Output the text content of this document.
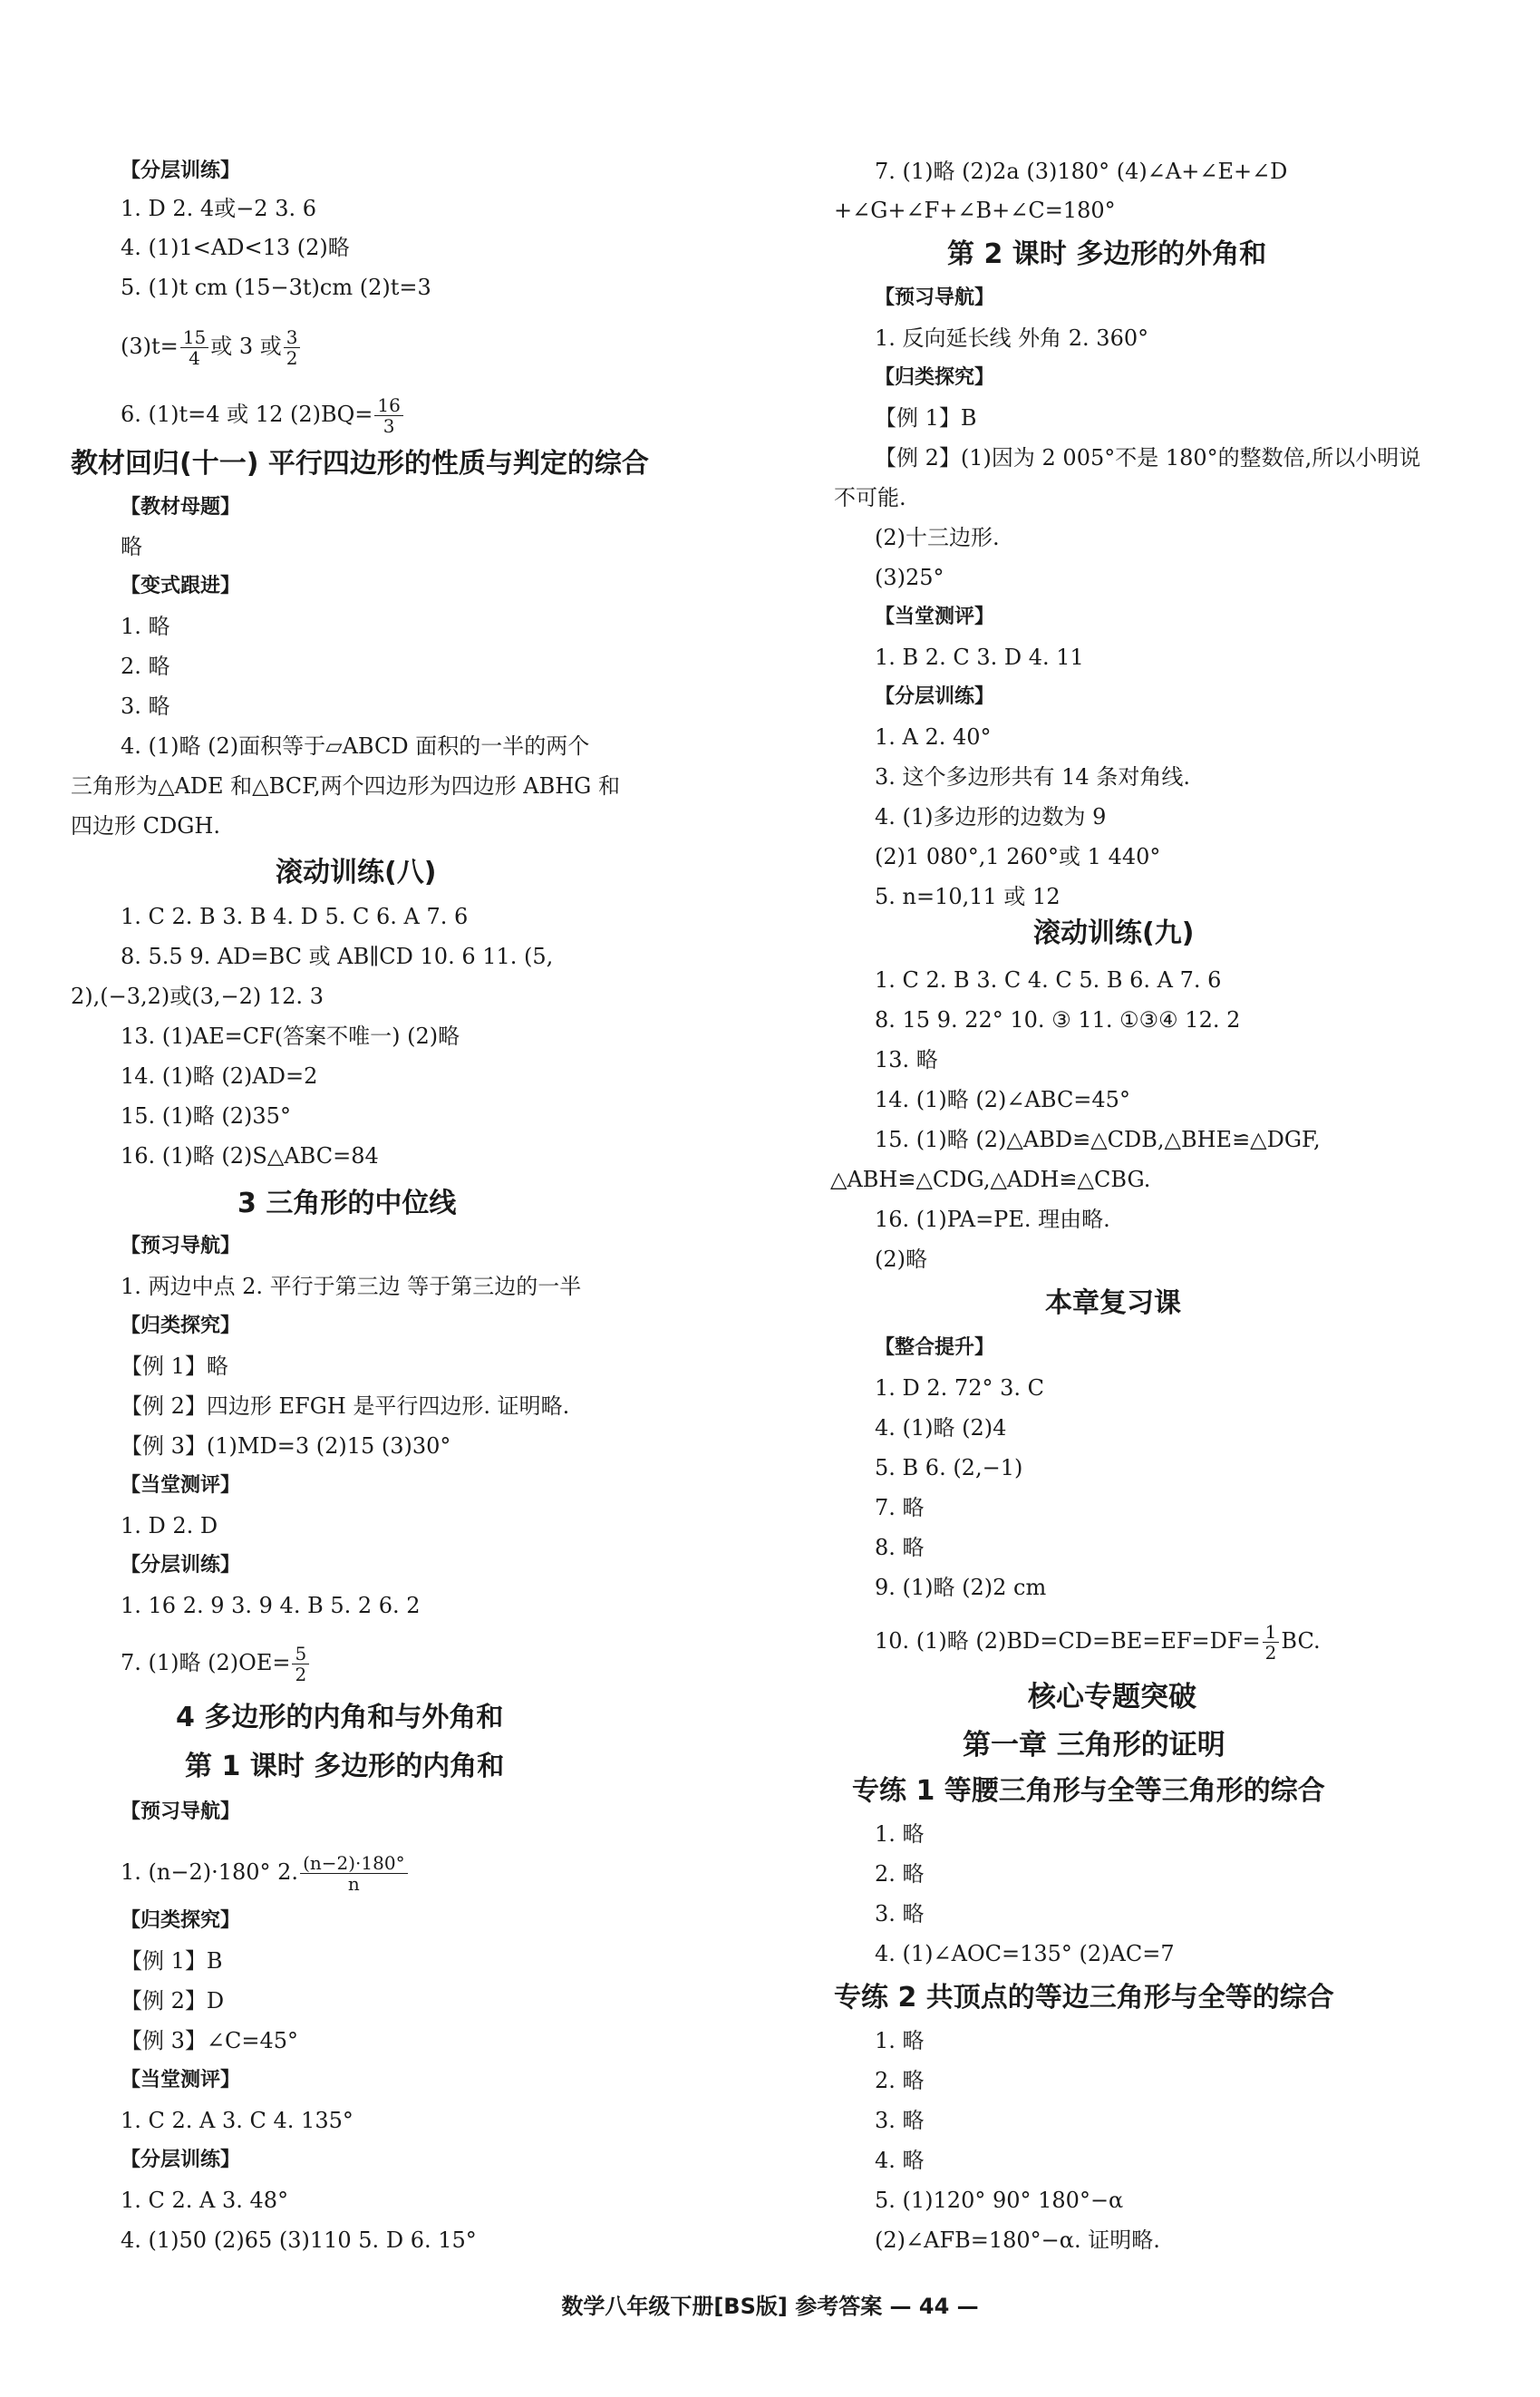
【分层训练】
1. D 2. 4或−2 3. 6
4. (1)1<AD<13 (2)略
5. (1)t cm (15−3t)cm (2)t=3
$(3)t= \frac{15}{4}$ 或 3 或 $\frac{3}{2}$
6. (1)t=4 或 12 $(2)BQ= \frac{16}{3}$
教材回归(十一) 平行四边形的性质与判定的综合
【教材母题】
略
【变式跟进】
1. 略
2. 略
3. 略
4. (1)略 (2)面积等于▱ABCD 面积的一半的两个
三角形为△ADE 和△BCF,两个四边形为四边形 ABHG 和
四边形 CDGH.
滚动训练(八)
1. C 2. B 3. B 4. D 5. C 6. A 7. 6
8. 5.5 9. AD=BC 或 AB∥CD 10. 6 11. (5,
2),(−3,2)或(3,−2) 12. 3
13. (1)AE=CF(答案不唯一) (2)略
14. (1)略 (2)AD=2
15. (1)略 (2)35°
16. (1)略 (2)S△ABC=84
3 三角形的中位线
【预习导航】
1. 两边中点 2. 平行于第三边 等于第三边的一半
【归类探究】
【例 1】略
【例 2】四边形 EFGH 是平行四边形. 证明略.
【例 3】(1)MD=3 (2)15 (3)30°
【当堂测评】
1. D 2. D
【分层训练】
1. 16 2. 9 3. 9 4. B 5. 2 6. 2
7. (1)略 $(2)OE= \frac{5}{2}$
4 多边形的内角和与外角和
第 1 课时 多边形的内角和
【预习导航】
1. (n−2)·180° 2. $\frac{(n-2)\cdot 180^\circ}{n}$
【归类探究】
【例 1】B
【例 2】D
【例 3】∠C=45°
【当堂测评】
1. C 2. A 3. C 4. 135°
【分层训练】
1. C 2. A 3. 48°
4. (1)50 (2)65 (3)110 5. D 6. 15°
7. (1)略 (2)2a (3)180° (4)∠A+∠E+∠D
+∠G+∠F+∠B+∠C=180°
第 2 课时 多边形的外角和
【预习导航】
1. 反向延长线 外角 2. 360°
【归类探究】
【例 1】B
【例 2】(1)因为 2 005°不是 180°的整数倍,所以小明说
不可能.
(2)十三边形.
(3)25°
【当堂测评】
1. B 2. C 3. D 4. 11
【分层训练】
1. A 2. 40°
3. 这个多边形共有 14 条对角线.
4. (1)多边形的边数为 9
(2)1 080°,1 260°或 1 440°
5. n=10,11 或 12
滚动训练(九)
1. C 2. B 3. C 4. C 5. B 6. A 7. 6
8. 15 9. 22° 10. ③ 11. ①③④ 12. 2
13. 略
14. (1)略 (2)∠ABC=45°
15. (1)略 (2)△ABD≌△CDB,△BHE≌△DGF,
△ABH≌△CDG,△ADH≌△CBG.
16. (1)PA=PE. 理由略.
(2)略
本章复习课
【整合提升】
1. D 2. 72° 3. C
4. (1)略 (2)4
5. B 6. (2,−1)
7. 略
8. 略
9. (1)略 (2)2 cm
10. (1)略 $(2)BD=CD=BE=EF=DF= \frac{1}{2}$ BC.
核心专题突破
第一章 三角形的证明
专练 1 等腰三角形与全等三角形的综合
1. 略
2. 略
3. 略
4. (1)∠AOC=135° (2)AC=7
专练 2 共顶点的等边三角形与全等的综合
1. 略
2. 略
3. 略
4. 略
5. (1)120° 90° 180°−α
(2)∠AFB=180°−α. 证明略.
数学八年级下册[BS版] 参考答案 — 44 —
